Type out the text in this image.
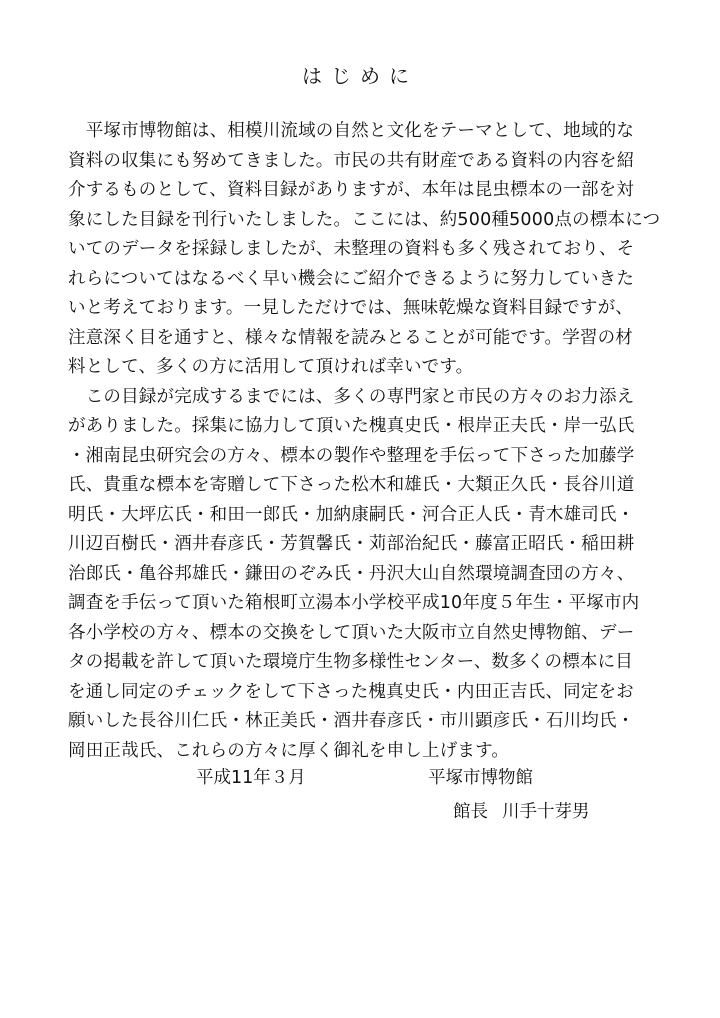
はじめに
　平塚市博物館は、相模川流域の自然と文化をテーマとして、地域的な
資料の収集にも努めてきました。市民の共有財産である資料の内容を紹
介するものとして、資料目録がありますが、本年は昆虫標本の一部を対
象にした目録を刊行いたしました。ここには、約500種5000点の標本につ
いてのデータを採録しましたが、未整理の資料も多く残されており、そ
れらについてはなるべく早い機会にご紹介できるように努力していきた
いと考えております。一見しただけでは、無味乾燥な資料目録ですが、
注意深く目を通すと、様々な情報を読みとることが可能です。学習の材
料として、多くの方に活用して頂ければ幸いです。
　この目録が完成するまでには、多くの専門家と市民の方々のお力添え
がありました。採集に協力して頂いた槐真史氏・根岸正夫氏・岸一弘氏
・湘南昆虫研究会の方々、標本の製作や整理を手伝って下さった加藤学
氏、貴重な標本を寄贈して下さった松木和雄氏・大類正久氏・長谷川道
明氏・大坪広氏・和田一郎氏・加納康嗣氏・河合正人氏・青木雄司氏・
川辺百樹氏・酒井春彦氏・芳賀馨氏・苅部治紀氏・藤富正昭氏・稲田耕
治郎氏・亀谷邦雄氏・鎌田のぞみ氏・丹沢大山自然環境調査団の方々、
調査を手伝って頂いた箱根町立湯本小学校平成10年度５年生・平塚市内
各小学校の方々、標本の交換をして頂いた大阪市立自然史博物館、デー
タの掲載を許して頂いた環境庁生物多様性センター、数多くの標本に目
を通し同定のチェックをして下さった槐真史氏・内田正吉氏、同定をお
願いした長谷川仁氏・林正美氏・酒井春彦氏・市川顕彦氏・石川均氏・
岡田正哉氏、これらの方々に厚く御礼を申し上げます。
平成11年３月	平塚市博物館
館長 川手十芽男
